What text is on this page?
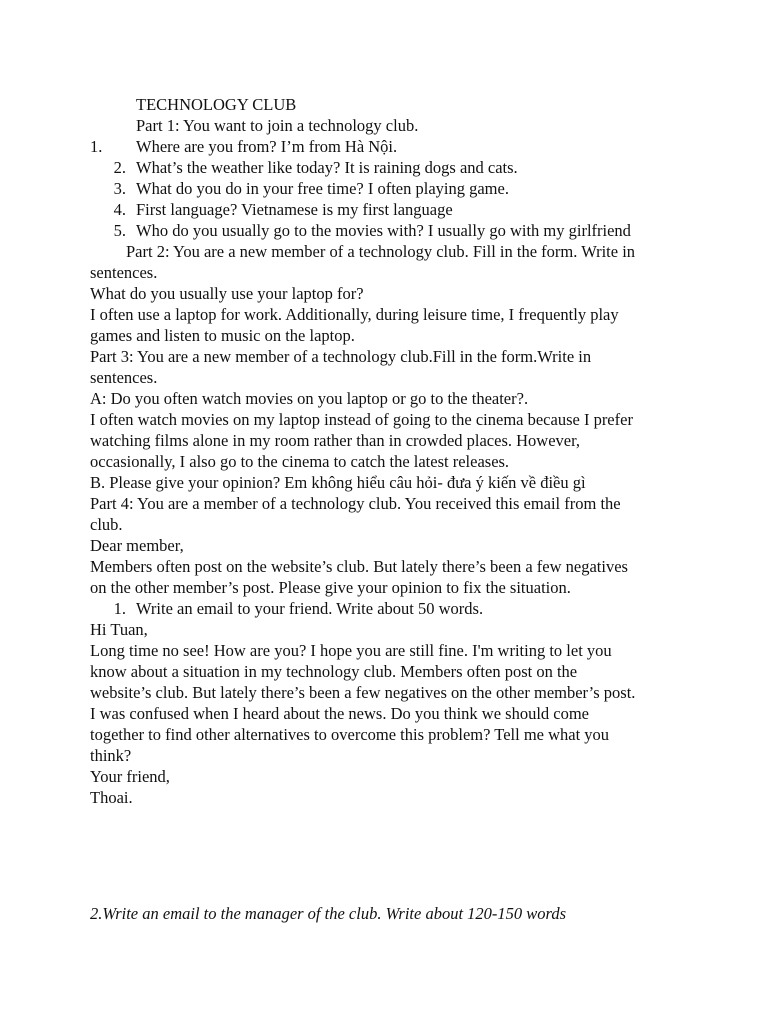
TECHNOLOGY CLUB
Part 1: You want to join a technology club.
1. Where are you from? I’m from Hà Nội.
2. What’s the weather like today? It is raining dogs and cats.
3. What do you do in your free time? I often playing game.
4. First language? Vietnamese is my first language
5. Who do you usually go to the movies with? I usually go with my girlfriend
Part 2: You are a new member of a technology club. Fill in the form. Write in
sentences.
What do you usually use your laptop for?
I often use a laptop for work. Additionally, during leisure time, I frequently play
games and listen to music on the laptop.
Part 3: You are a new member of a technology club.Fill in the form.Write in
sentences.
A: Do you often watch movies on you laptop or go to the theater?.
I often watch movies on my laptop instead of going to the cinema because I prefer
watching films alone in my room rather than in crowded places. However,
occasionally, I also go to the cinema to catch the latest releases.
B. Please give your opinion? Em không hiểu câu hỏi- đưa ý kiến về điều gì
Part 4: You are a member of a technology club. You received this email from the
club.
Dear member,
Members often post on the website’s club. But lately there’s been a few negatives
on the other member’s post. Please give your opinion to fix the situation.
1. Write an email to your friend. Write about 50 words.
Hi Tuan,
Long time no see! How are you? I hope you are still fine. I'm writing to let you
know about a situation in my technology club. Members often post on the
website’s club. But lately there’s been a few negatives on the other member’s post.
I was confused when I heard about the news. Do you think we should come
together to find other alternatives to overcome this problem? Tell me what you
think?
Your friend,
Thoai.
2.Write an email to the manager of the club. Write about 120-150 words
